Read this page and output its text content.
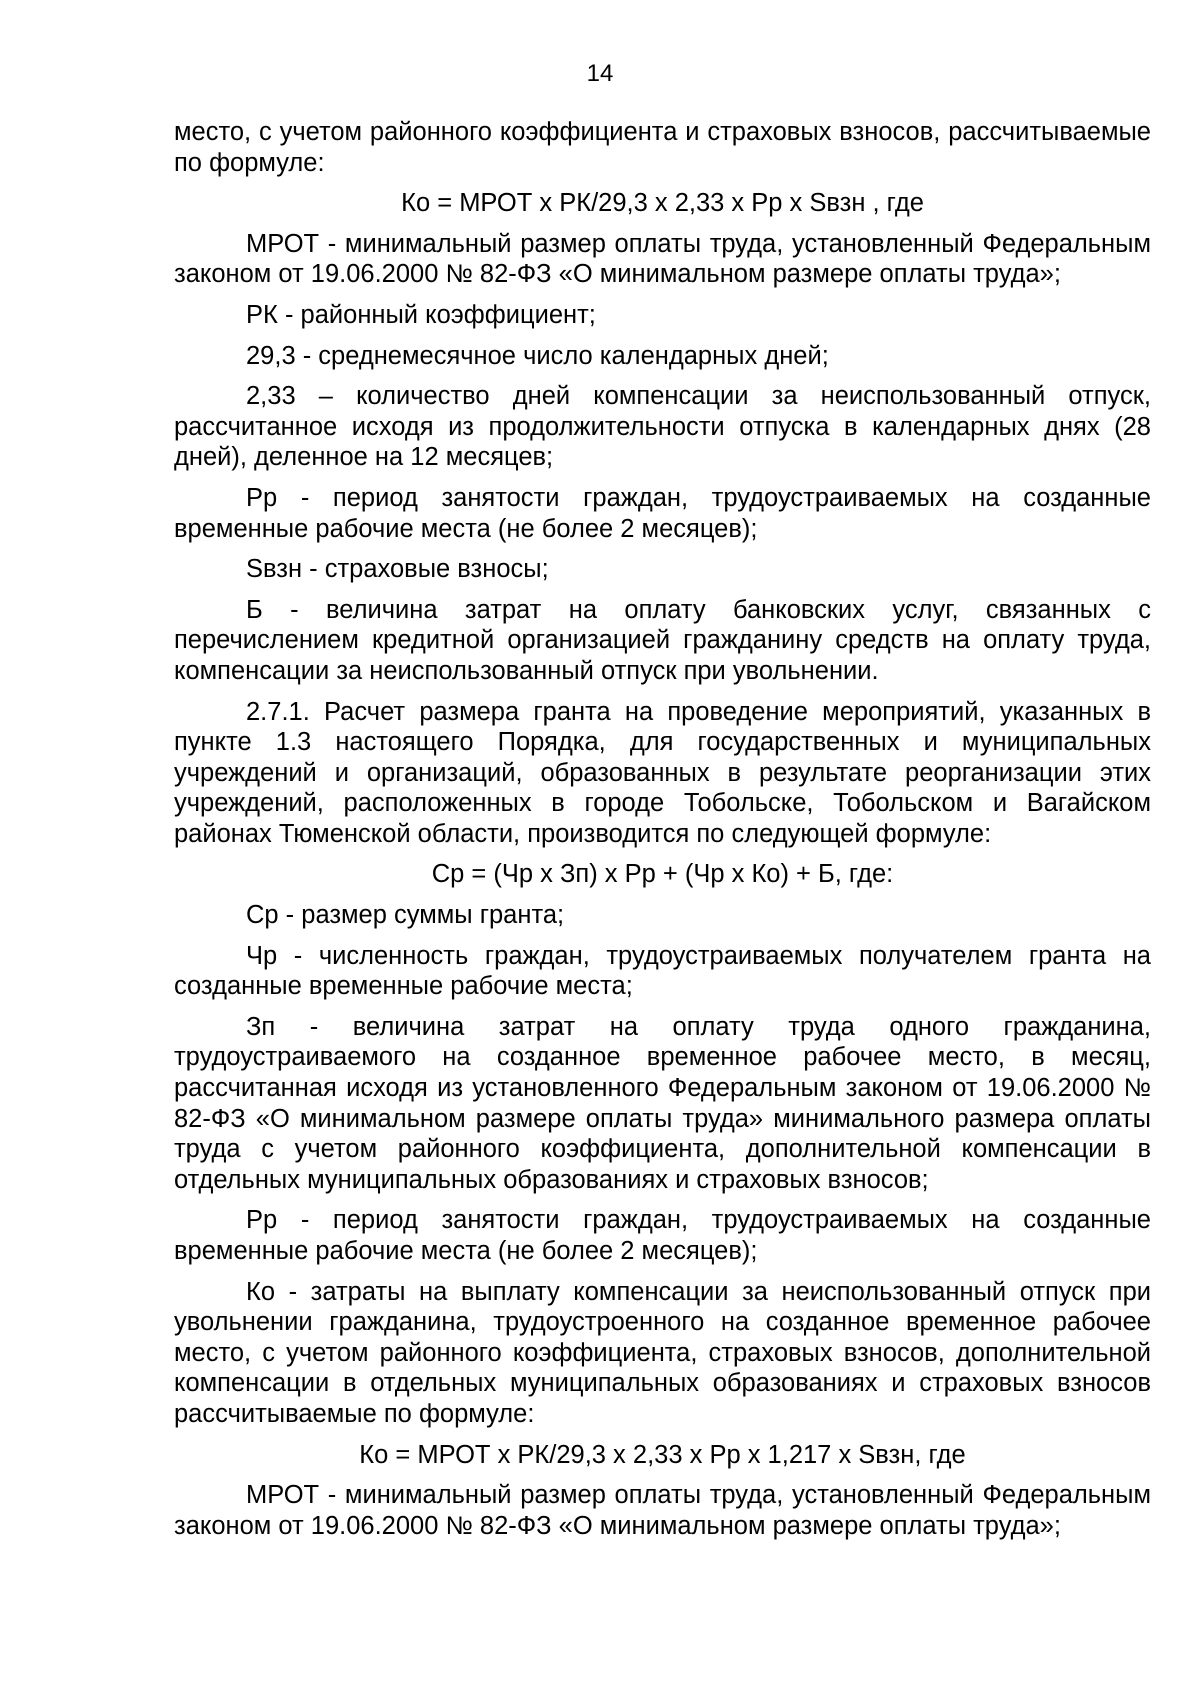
14

место, с учетом районного коэффициента и страховых взносов, рассчитываемые по формуле:

Ко = МРОТ x РК/29,3 x 2,33 x Рр x Sвзн , где

МРОТ - минимальный размер оплаты труда, установленный Федеральным законом от 19.06.2000 № 82-ФЗ «О минимальном размере оплаты труда»;

РК - районный коэффициент;

29,3 - среднемесячное число календарных дней;

2,33 – количество дней компенсации за неиспользованный отпуск, рассчитанное исходя из продолжительности отпуска в календарных днях (28 дней), деленное на 12 месяцев;

Рр - период занятости граждан, трудоустраиваемых на созданные временные рабочие места (не более 2 месяцев);

Sвзн - страховые взносы;

Б - величина затрат на оплату банковских услуг, связанных с перечислением кредитной организацией гражданину средств на оплату труда, компенсации за неиспользованный отпуск при увольнении.

2.7.1. Расчет размера гранта на проведение мероприятий, указанных в пункте 1.3 настоящего Порядка, для государственных и муниципальных учреждений и организаций, образованных в результате реорганизации этих учреждений, расположенных в городе Тобольске, Тобольском и Вагайском районах Тюменской области, производится по следующей формуле:

Ср = (Чр x Зп) x Рр + (Чр x Ко) + Б, где:

Ср - размер суммы гранта;

Чр - численность граждан, трудоустраиваемых получателем гранта на созданные временные рабочие места;

Зп - величина затрат на оплату труда одного гражданина, трудоустраиваемого на созданное временное рабочее место, в месяц, рассчитанная исходя из установленного Федеральным законом от 19.06.2000 № 82-ФЗ «О минимальном размере оплаты труда» минимального размера оплаты труда с учетом районного коэффициента, дополнительной компенсации в отдельных муниципальных образованиях и страховых взносов;

Рр - период занятости граждан, трудоустраиваемых на созданные временные рабочие места (не более 2 месяцев);

Ко - затраты на выплату компенсации за неиспользованный отпуск при увольнении гражданина, трудоустроенного на созданное временное рабочее место, с учетом районного коэффициента, страховых взносов, дополнительной компенсации в отдельных муниципальных образованиях и страховых взносов рассчитываемые по формуле:

Ко = МРОТ x РК/29,3 x 2,33 x Рр x 1,217 x Sвзн, где

МРОТ - минимальный размер оплаты труда, установленный Федеральным законом от 19.06.2000 № 82-ФЗ «О минимальном размере оплаты труда»;
